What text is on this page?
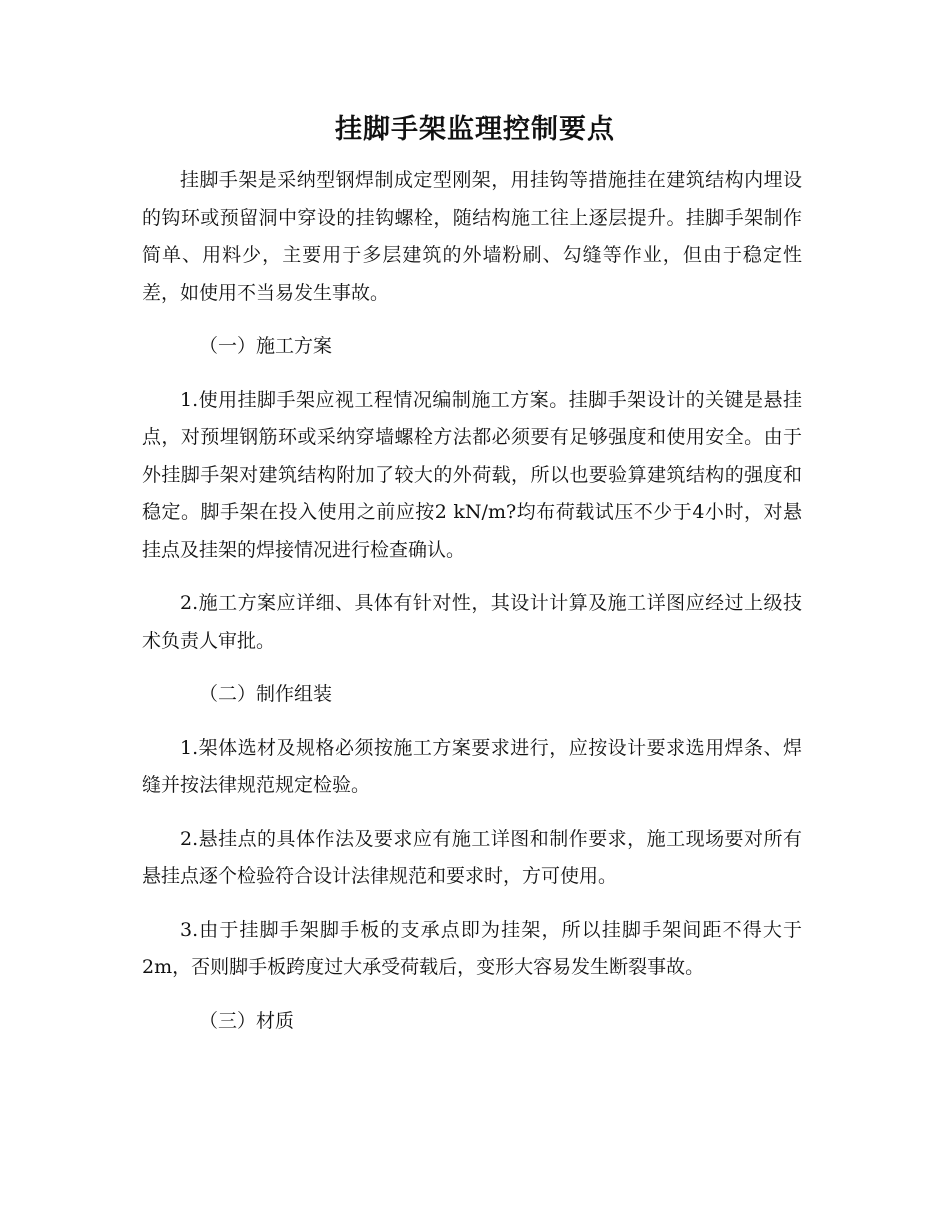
挂脚手架监理控制要点

挂脚手架是采纳型钢焊制成定型刚架，用挂钩等措施挂在建筑结构内埋设的钩环或预留洞中穿设的挂钩螺栓，随结构施工往上逐层提升。挂脚手架制作简单、用料少，主要用于多层建筑的外墙粉刷、勾缝等作业，但由于稳定性差，如使用不当易发生事故。

（一）施工方案

1.使用挂脚手架应视工程情况编制施工方案。挂脚手架设计的关键是悬挂点，对预埋钢筋环或采纳穿墙螺栓方法都必须要有足够强度和使用安全。由于外挂脚手架对建筑结构附加了较大的外荷载，所以也要验算建筑结构的强度和稳定。脚手架在投入使用之前应按2 kN/m?均布荷载试压不少于4小时，对悬挂点及挂架的焊接情况进行检查确认。

2.施工方案应详细、具体有针对性，其设计计算及施工详图应经过上级技术负责人审批。

（二）制作组装

1.架体选材及规格必须按施工方案要求进行，应按设计要求选用焊条、焊缝并按法律规范规定检验。

2.悬挂点的具体作法及要求应有施工详图和制作要求，施工现场要对所有悬挂点逐个检验符合设计法律规范和要求时，方可使用。

3.由于挂脚手架脚手板的支承点即为挂架，所以挂脚手架间距不得大于2m，否则脚手板跨度过大承受荷载后，变形大容易发生断裂事故。

（三）材质
